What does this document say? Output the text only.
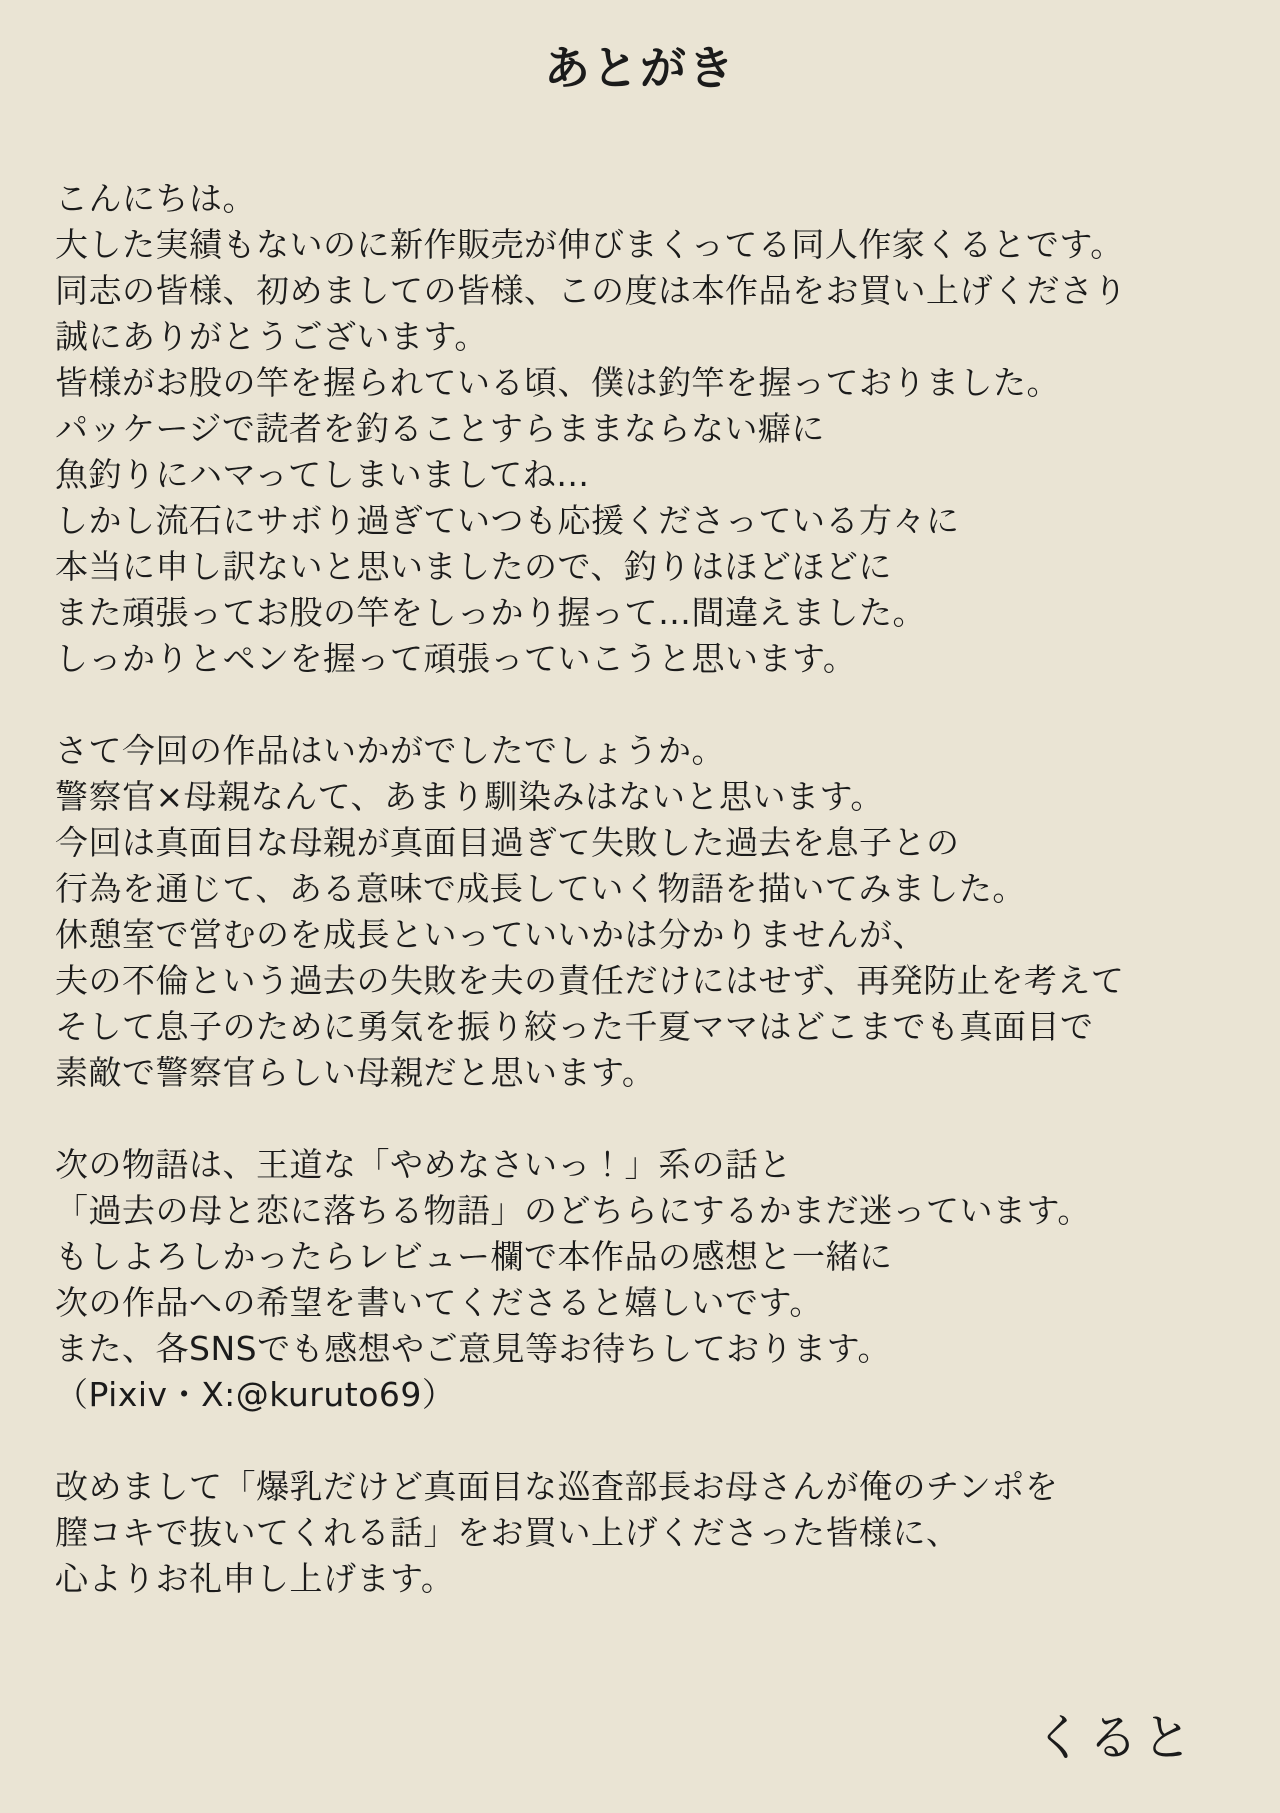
あとがき
こんにちは。
大した実績もないのに新作販売が伸びまくってる同人作家くるとです。
同志の皆様、初めましての皆様、この度は本作品をお買い上げくださり
誠にありがとうございます。
皆様がお股の竿を握られている頃、僕は釣竿を握っておりました。
パッケージで読者を釣ることすらままならない癖に
魚釣りにハマってしまいましてね…
しかし流石にサボり過ぎていつも応援くださっている方々に
本当に申し訳ないと思いましたので、釣りはほどほどに
また頑張ってお股の竿をしっかり握って…間違えました。
しっかりとペンを握って頑張っていこうと思います。
さて今回の作品はいかがでしたでしょうか。
警察官×母親なんて、あまり馴染みはないと思います。
今回は真面目な母親が真面目過ぎて失敗した過去を息子との
行為を通じて、ある意味で成長していく物語を描いてみました。
休憩室で営むのを成長といっていいかは分かりませんが、
夫の不倫という過去の失敗を夫の責任だけにはせず、再発防止を考えて
そして息子のために勇気を振り絞った千夏ママはどこまでも真面目で
素敵で警察官らしい母親だと思います。
次の物語は、王道な「やめなさいっ！」系の話と
「過去の母と恋に落ちる物語」のどちらにするかまだ迷っています。
もしよろしかったらレビュー欄で本作品の感想と一緒に
次の作品への希望を書いてくださると嬉しいです。
また、各SNSでも感想やご意見等お待ちしております。
（Pixiv・X:@kuruto69）
改めまして「爆乳だけど真面目な巡査部長お母さんが俺のチンポを
膣コキで抜いてくれる話」をお買い上げくださった皆様に、
心よりお礼申し上げます。
くると
